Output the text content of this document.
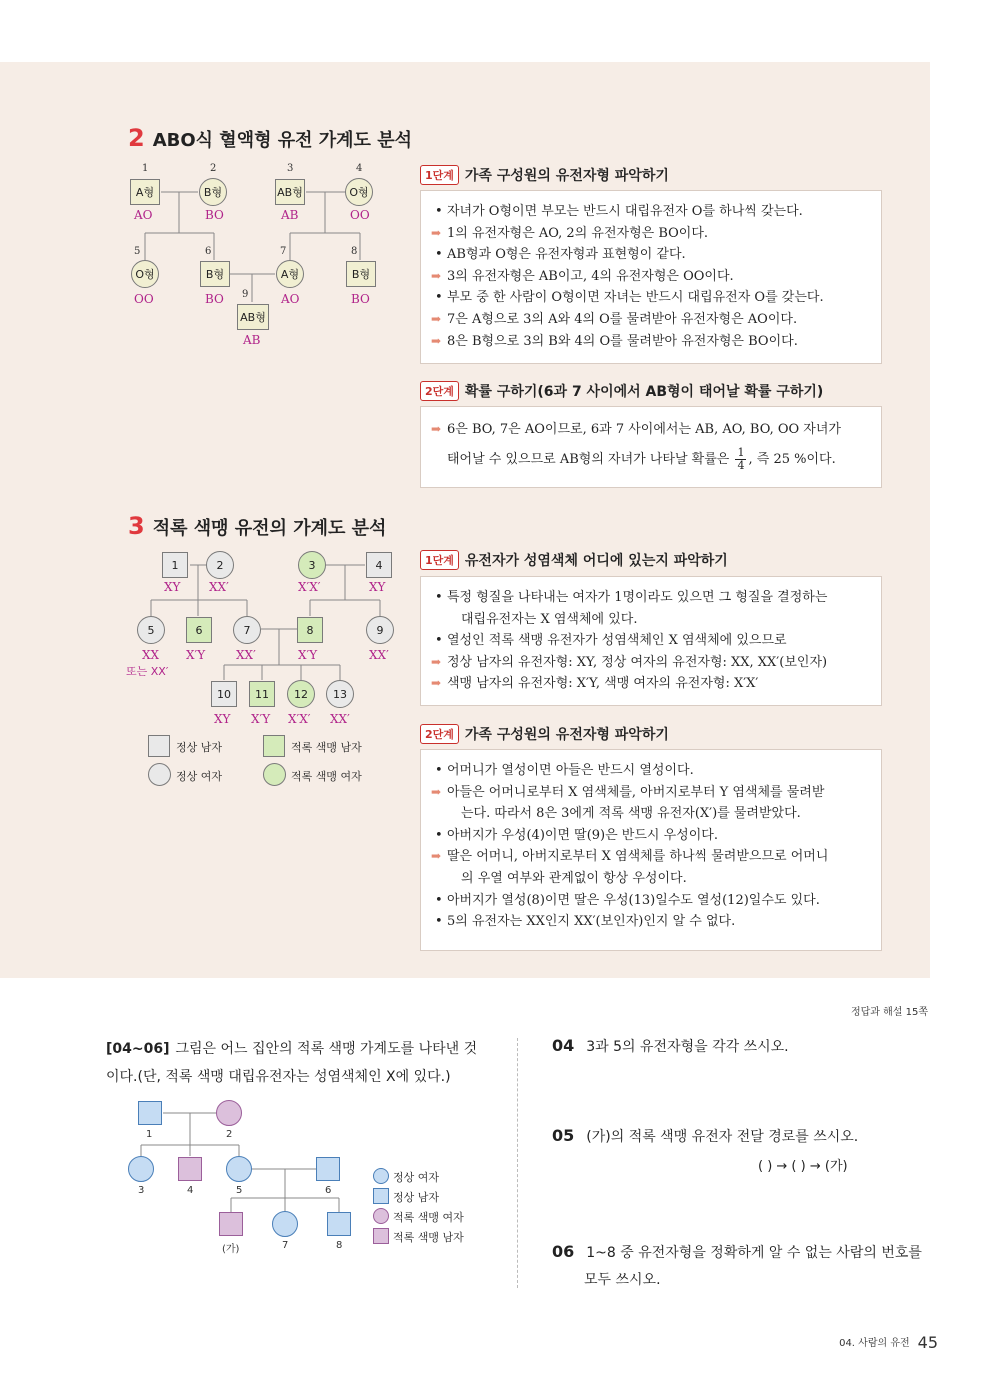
2 ABO식 혈액형 유전 가계도 분석
1
A형
AO
2
B형
BO
3
AB형
AB
4
O형
OO
5
O형
OO
6
B형
BO
7
A형
AO
8
B형
BO
9
AB형
AB
1단계 가족 구성원의 유전자형 파악하기
• 자녀가 O형이면 부모는 반드시 대립유전자 O를 하나씩 갖는다.
➡ 1의 유전자형은 AO, 2의 유전자형은 BO이다.
• AB형과 O형은 유전자형과 표현형이 같다.
➡ 3의 유전자형은 AB이고, 4의 유전자형은 OO이다.
• 부모 중 한 사람이 O형이면 자녀는 반드시 대립유전자 O를 갖는다.
➡ 7은 A형으로 3의 A와 4의 O를 물려받아 유전자형은 AO이다.
➡ 8은 B형으로 3의 B와 4의 O를 물려받아 유전자형은 BO이다.
2단계 확률 구하기(6과 7 사이에서 AB형이 태어날 확률 구하기)
➡ 6은 BO, 7은 AO이므로, 6과 7 사이에서는 AB, AO, BO, OO 자녀가
태어날 수 있으므로 AB형의 자녀가 나타날 확률은 $\frac{1}{4}$ , 즉 25 %이다.
3 적록 색맹 유전의 가계도 분석
1
XY
2
XX′
3
X′X′
4
XY
5
XX
또는 XX′
6
X′Y
7
XX′
8
X′Y
9
XX′
10
XY
11
X′Y
12
X′X′
13
XX′
정상 남자	적록 색맹 남자
정상 여자	적록 색맹 여자
1단계 유전자가 성염색체 어디에 있는지 파악하기
• 특정 형질을 나타내는 여자가 1명이라도 있으면 그 형질을 결정하는
대립유전자는 X 염색체에 있다.
• 열성인 적록 색맹 유전자가 성염색체인 X 염색체에 있으므로
➡ 정상 남자의 유전자형: XY, 정상 여자의 유전자형: XX, XX′(보인자)
➡ 색맹 남자의 유전자형: X′Y, 색맹 여자의 유전자형: X′X′
2단계 가족 구성원의 유전자형 파악하기
• 어머니가 열성이면 아들은 반드시 열성이다.
➡ 아들은 어머니로부터 X 염색체를, 아버지로부터 Y 염색체를 물려받
는다. 따라서 8은 3에게 적록 색맹 유전자(X′)를 물려받았다.
• 아버지가 우성(4)이면 딸(9)은 반드시 우성이다.
➡ 딸은 어머니, 아버지로부터 X 염색체를 하나씩 물려받으므로 어머니
의 우열 여부와 관계없이 항상 우성이다.
• 아버지가 열성(8)이면 딸은 우성(13)일수도 열성(12)일수도 있다.
• 5의 유전자는 XX인지 XX′(보인자)인지 알 수 없다.
정답과 해설 15쪽
[04~06] 그림은 어느 집안의 적록 색맹 가계도를 나타낸 것
이다.(단, 적록 색맹 대립유전자는 성염색체인 X에 있다.)
1	2
3	4	5	6
(가)	7	8
정상 여자
정상 남자
적록 색맹 여자
적록 색맹 남자
04 3과 5의 유전자형을 각각 쓰시오.
05 (가)의 적록 색맹 유전자 전달 경로를 쓰시오.
( ) → ( ) → (가)
06 1~8 중 유전자형을 정확하게 알 수 없는 사람의 번호를
모두 쓰시오.
04. 사람의 유전 45
